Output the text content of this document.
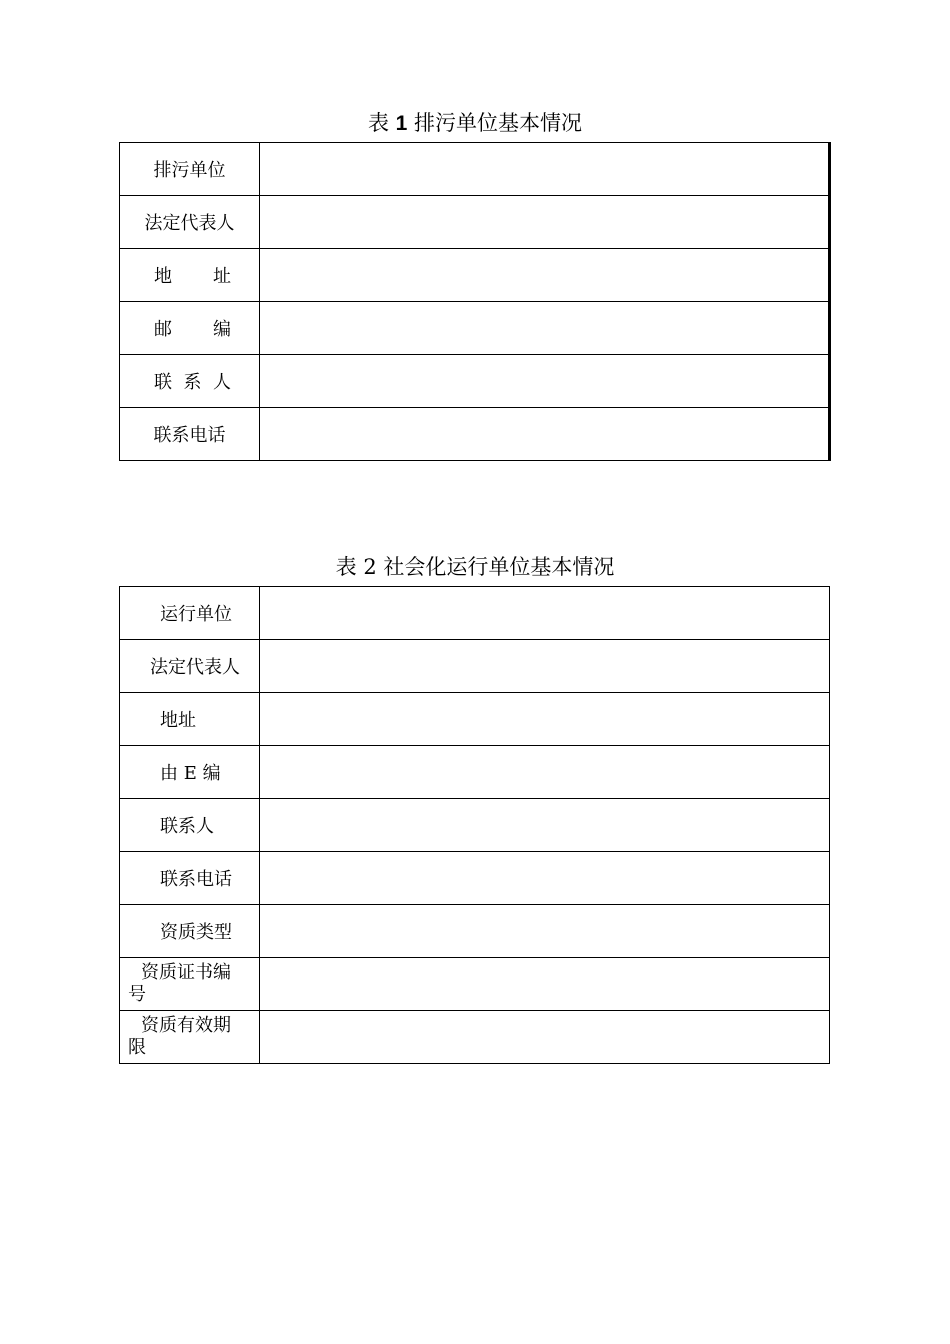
表 1 排污单位基本情况
排污单位	
法定代表人	

地 址	

邮 编	

联 系 人	

联系电话	
表 2 社会化运行单位基本情况
运行单位	
法定代表人	
地址	
由 E 编	
联系人	
联系电话	
资质类型	

资质证书编
号	

资质有效期
限	
